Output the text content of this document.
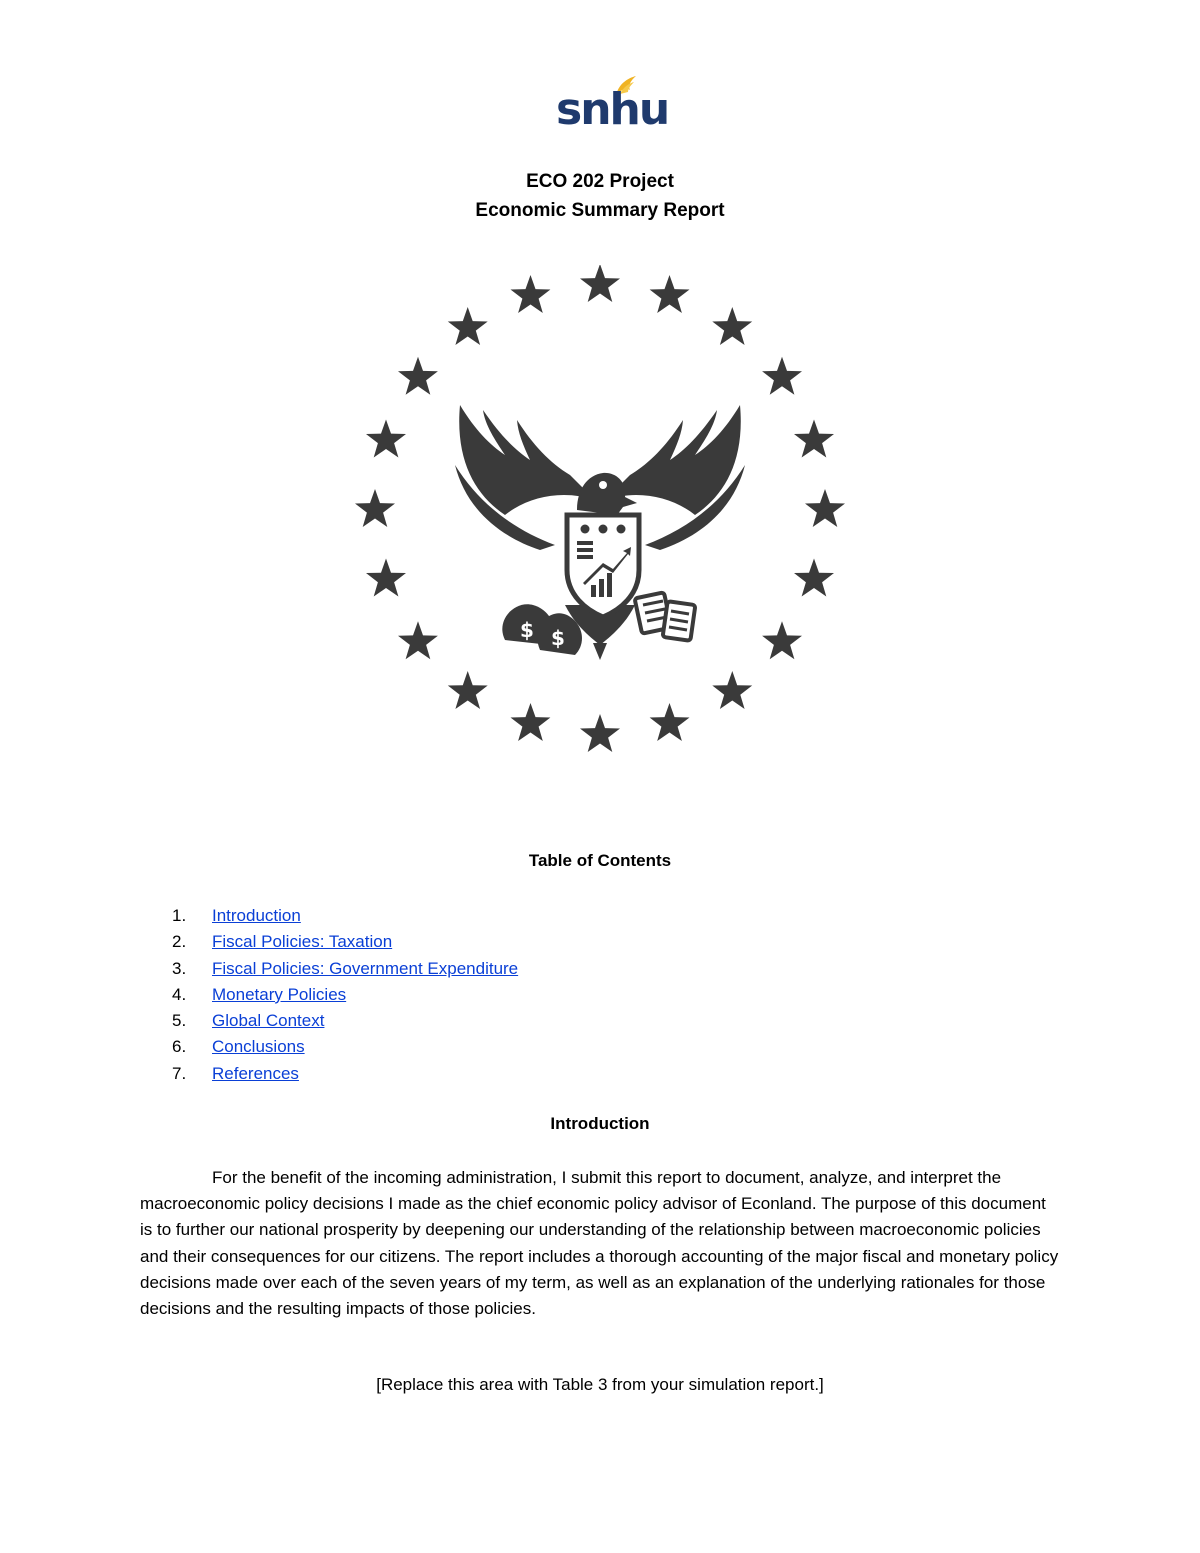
snhu
ECO 202 Project
Economic Summary Report
$ $
Table of Contents
1.	Introduction
2.	Fiscal Policies: Taxation
3.	Fiscal Policies: Government Expenditure
4.	Monetary Policies
5.	Global Context
6.	Conclusions
7.	References
Introduction

For the benefit of the incoming administration, I submit this report to document, analyze, and interpret the macroeconomic policy decisions I made as the chief economic policy advisor of Econland. The purpose of this document is to further our national prosperity by deepening our understanding of the relationship between macroeconomic policies and their consequences for our citizens. The report includes a thorough accounting of the major fiscal and monetary policy decisions made over each of the seven years of my term, as well as an explanation of the underlying rationales for those decisions and the resulting impacts of those policies.

[Replace this area with Table 3 from your simulation report.]
